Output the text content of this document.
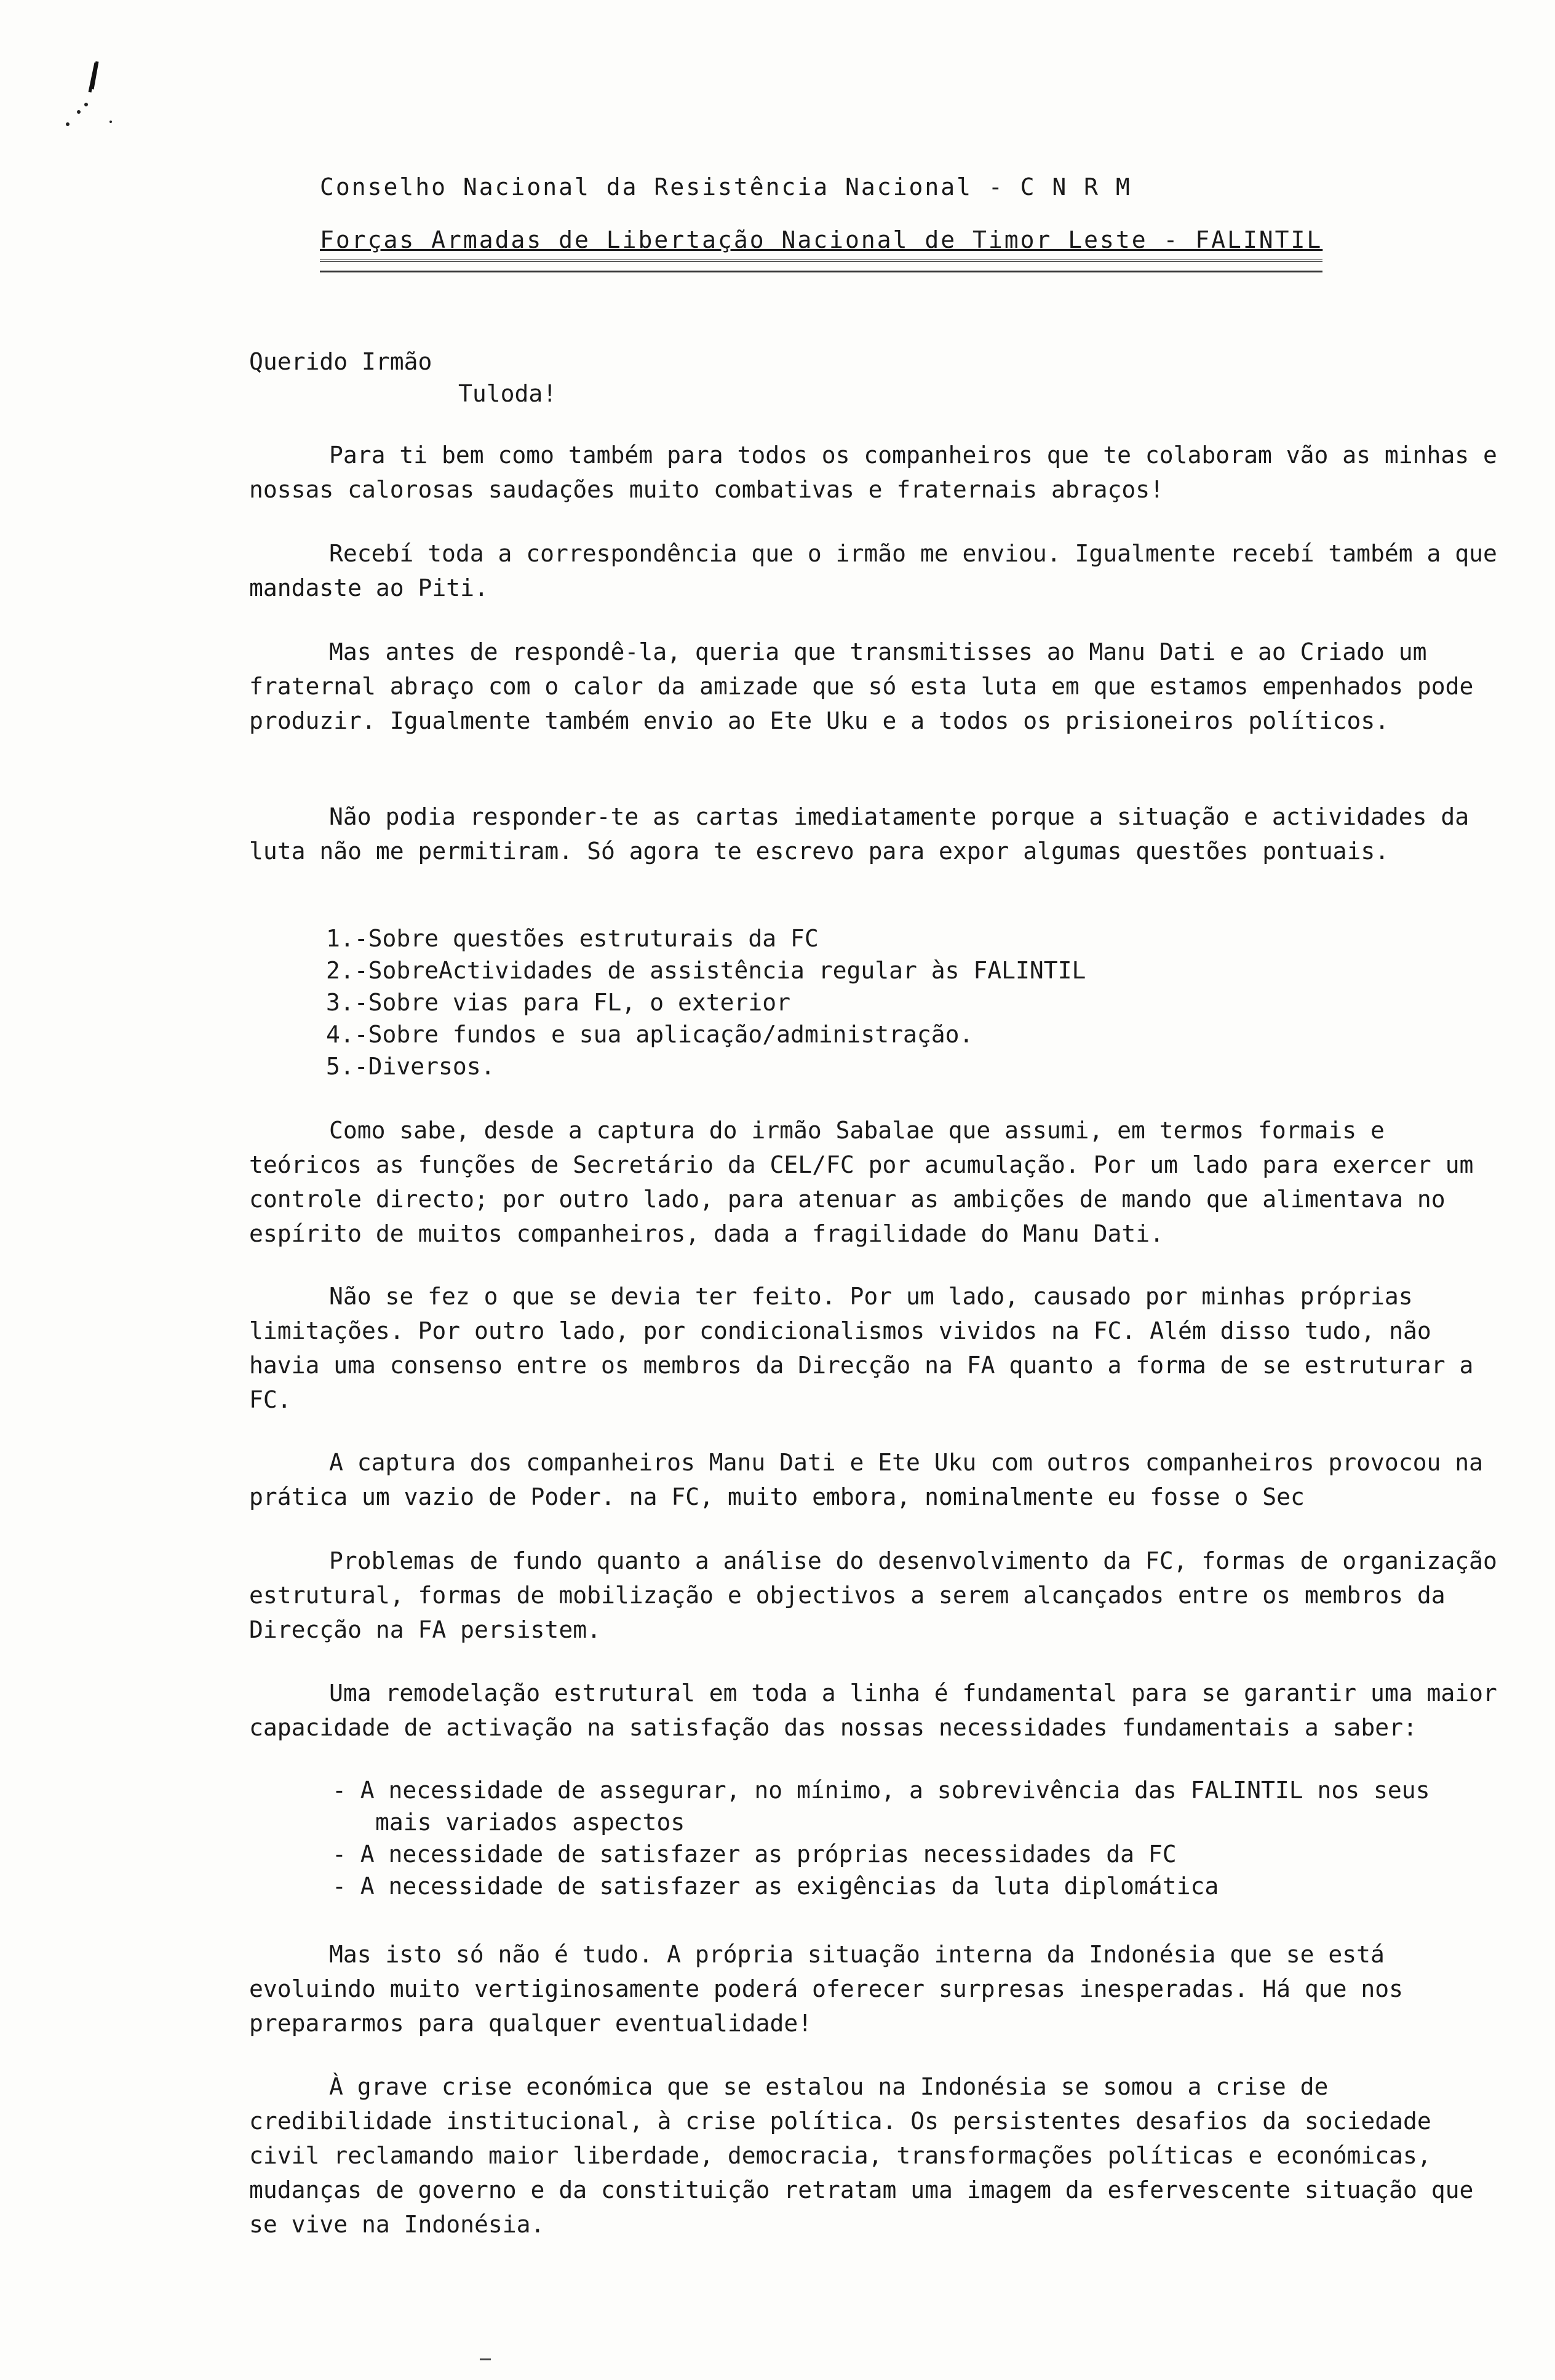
Conselho Nacional da Resistência Nacional - C N R M
Forças Armadas de Libertação Nacional de Timor Leste - FALINTIL
Querido Irmão
Tuloda!

Para ti bem como também para todos os companheiros que te colaboram vão as minhas e nossas calorosas saudações muito combativas e fraternais abraços!

Recebí toda a correspondência que o irmão me enviou. Igualmente recebí também a que mandaste ao Piti.

Mas antes de respondê-la, queria que transmitisses ao Manu Dati e ao Criado um fraternal abraço com o calor da amizade que só esta luta em que estamos empenhados pode produzir. Igualmente também envio ao Ete Uku e a todos os prisioneiros políticos.

Não podia responder-te as cartas imediatamente porque a situação e actividades da luta não me permitiram. Só agora te escrevo para expor algumas questões pontuais.

1.-Sobre questões estruturais da FC
2.-SobreActividades de assistência regular às FALINTIL
3.-Sobre vias para FL, o exterior
4.-Sobre fundos e sua aplicação/administração.
5.-Diversos.

Como sabe, desde a captura do irmão Sabalae que assumi, em termos formais e teóricos as funções de Secretário da CEL/FC por acumulação. Por um lado para exercer um controle directo; por outro lado, para atenuar as ambições de mando que alimentava no espírito de muitos companheiros, dada a fragilidade do Manu Dati.

Não se fez o que se devia ter feito. Por um lado, causado por minhas próprias limitações. Por outro lado, por condicionalismos vividos na FC. Além disso tudo, não havia uma consenso entre os membros da Direcção na FA quanto a forma de se estruturar a FC.

A captura dos companheiros Manu Dati e Ete Uku com outros companheiros provocou na prática um vazio de Poder. na FC, muito embora, nominalmente eu fosse o Sec

Problemas de fundo quanto a análise do desenvolvimento da FC, formas de organização estrutural, formas de mobilização e objectivos a serem alcançados entre os membros da Direcção na FA persistem.

Uma remodelação estrutural em toda a linha é fundamental para se garantir uma maior capacidade de activação na satisfação das nossas necessidades fundamentais a saber:

- A necessidade de assegurar, no mínimo, a sobrevivência das FALINTIL nos seus mais variados aspectos
- A necessidade de satisfazer as próprias necessidades da FC
- A necessidade de satisfazer as exigências da luta diplomática

Mas isto só não é tudo. A própria situação interna da Indonésia que se está evoluindo muito vertiginosamente poderá oferecer surpresas inesperadas. Há que nos prepararmos para qualquer eventualidade!

À grave crise económica que se estalou na Indonésia se somou a crise de credibilidade institucional, à crise política. Os persistentes desafios da sociedade civil reclamando maior liberdade, democracia, transformações políticas e económicas, mudanças de governo e da constituição retratam uma imagem da esfervescente situação que se vive na Indonésia.
